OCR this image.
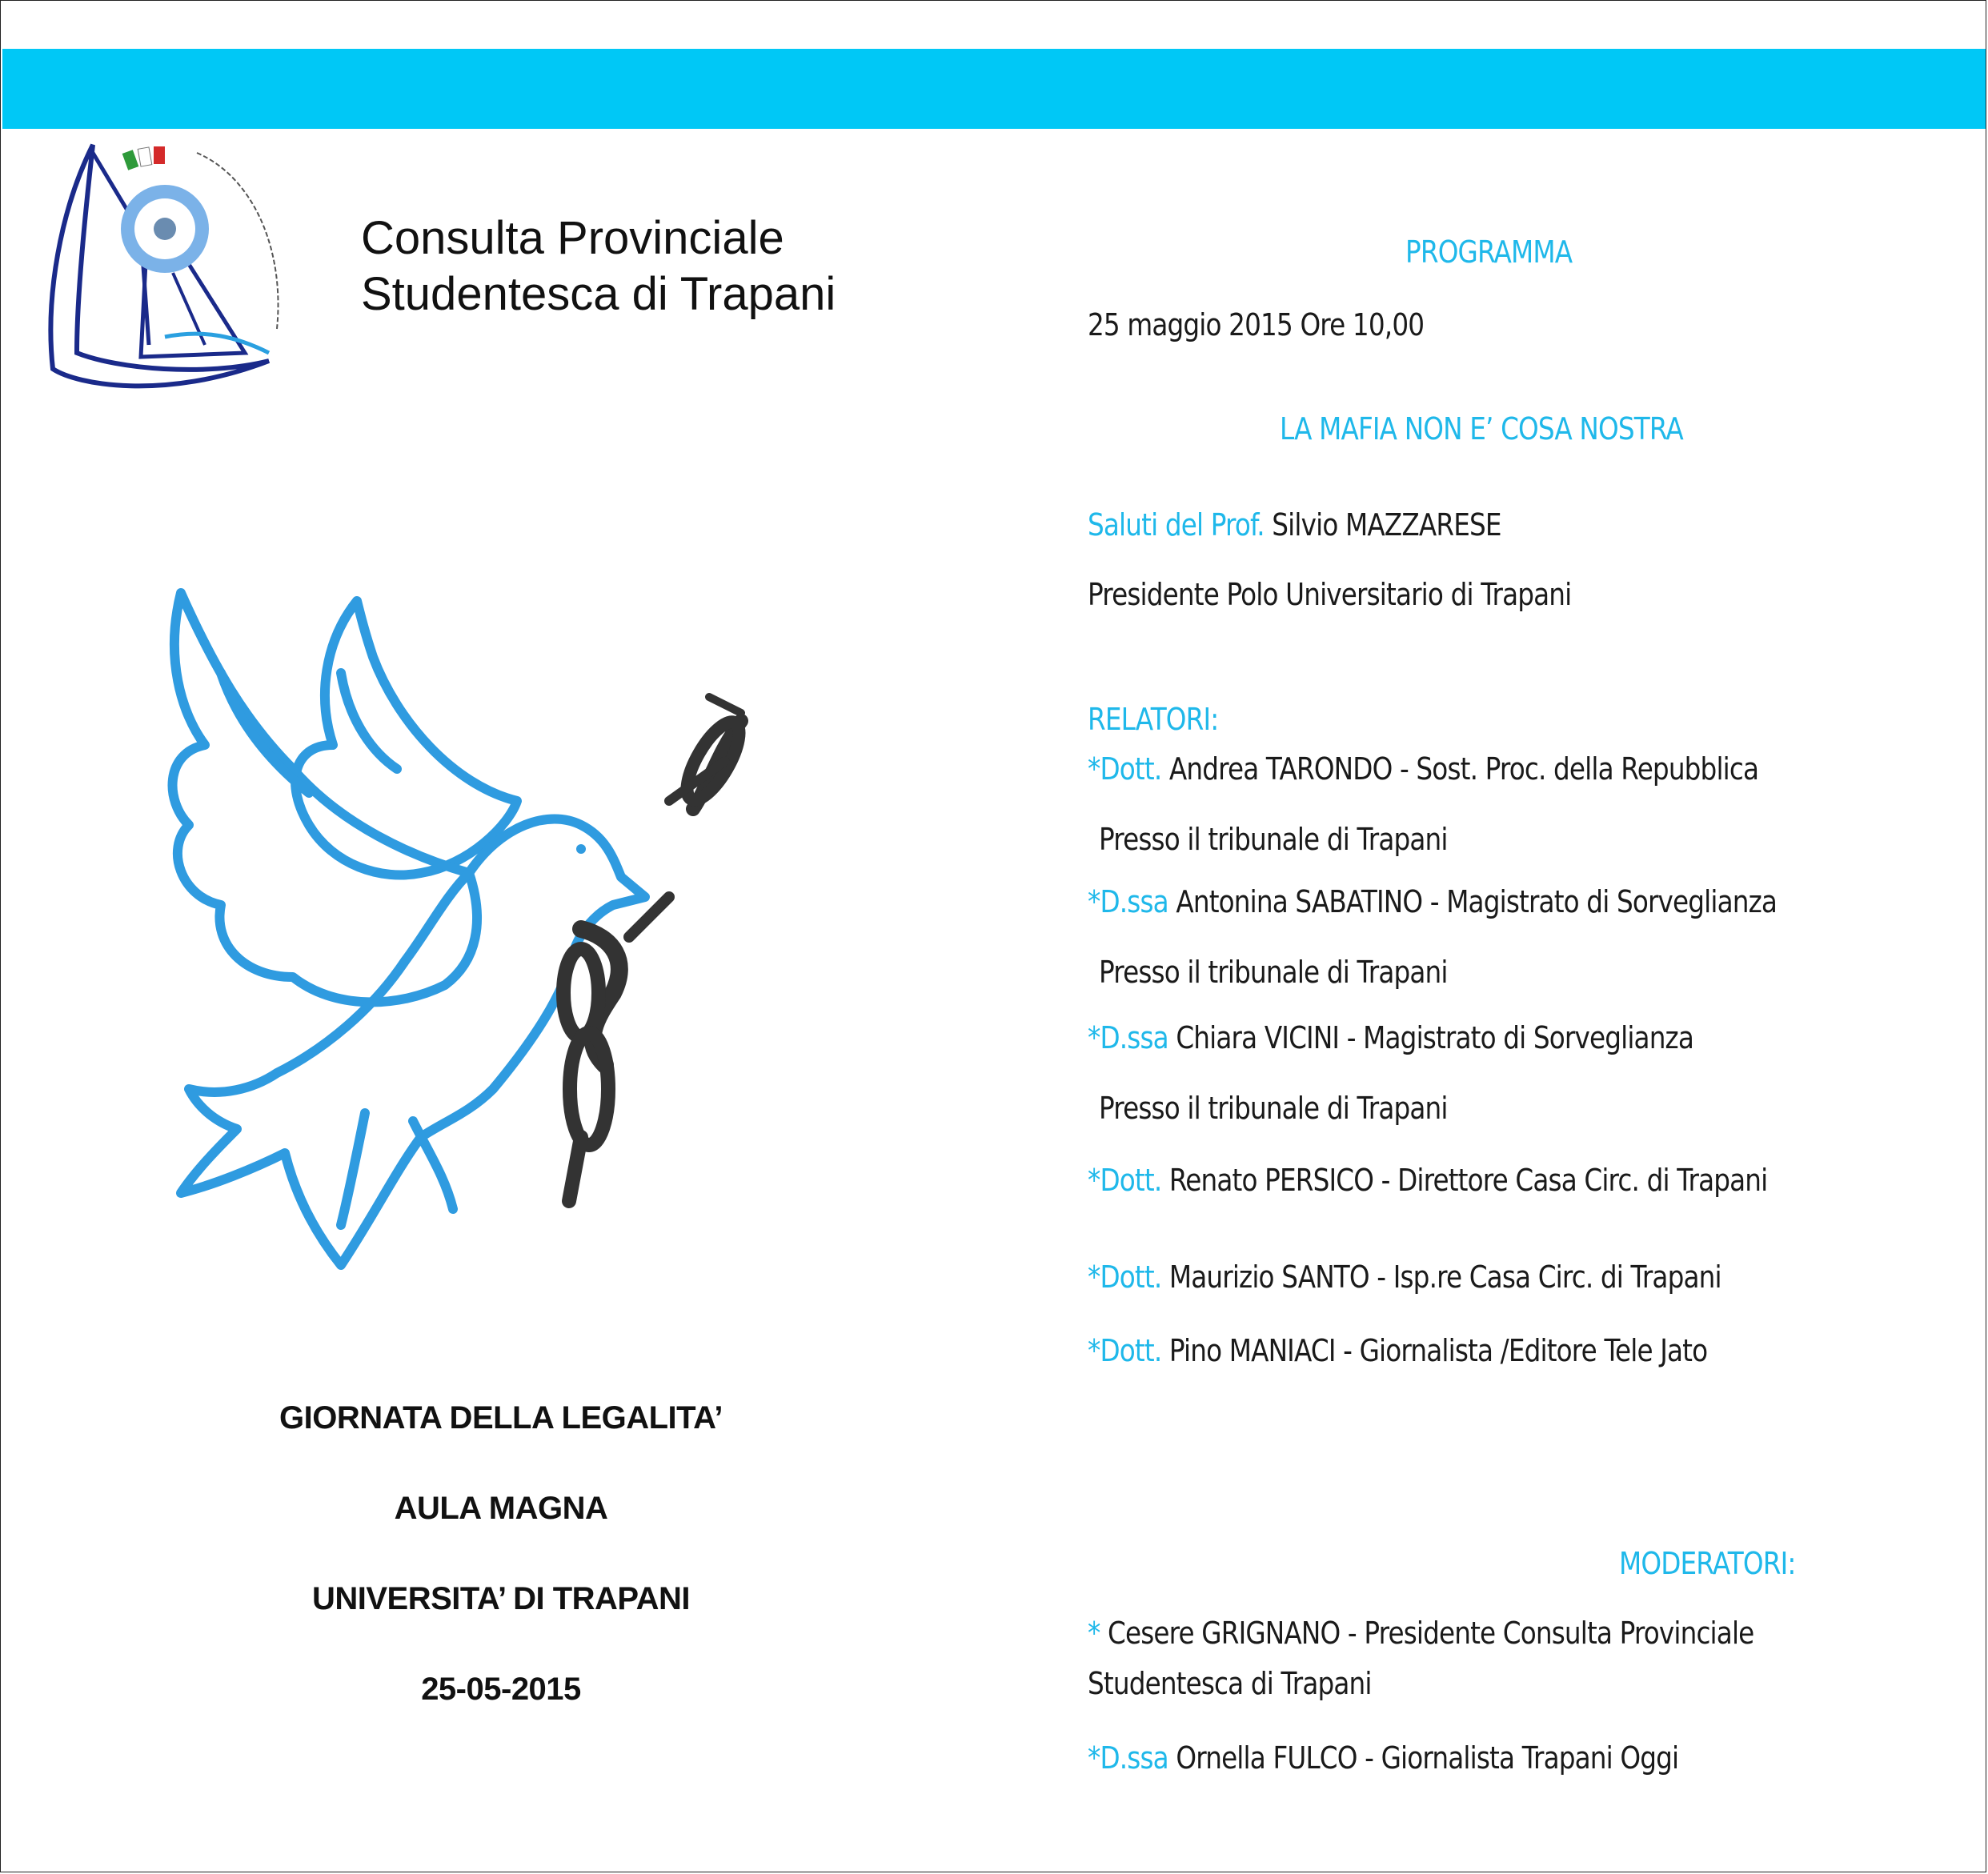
Consulta Provinciale
Studentesca di Trapani
GIORNATA DELLA LEGALITA’
AULA MAGNA
UNIVERSITA’ DI TRAPANI
25-05-2015
PROGRAMMA
25 maggio 2015 Ore 10,00
LA MAFIA NON E’ COSA NOSTRA
Saluti del Prof. Silvio MAZZARESE
Presidente Polo Universitario di Trapani
RELATORI:
*Dott. Andrea TARONDO - Sost. Proc. della Repubblica
Presso il tribunale di Trapani
*D.ssa Antonina SABATINO - Magistrato di Sorveglianza
Presso il tribunale di Trapani
*D.ssa Chiara VICINI - Magistrato di Sorveglianza
Presso il tribunale di Trapani
*Dott. Renato PERSICO - Direttore Casa Circ. di Trapani
*Dott. Maurizio SANTO - Isp.re Casa Circ. di Trapani
*Dott. Pino MANIACI - Giornalista /Editore Tele Jato
MODERATORI:
* Cesere GRIGNANO - Presidente Consulta Provinciale
Studentesca di Trapani
*D.ssa Ornella FULCO - Giornalista Trapani Oggi
